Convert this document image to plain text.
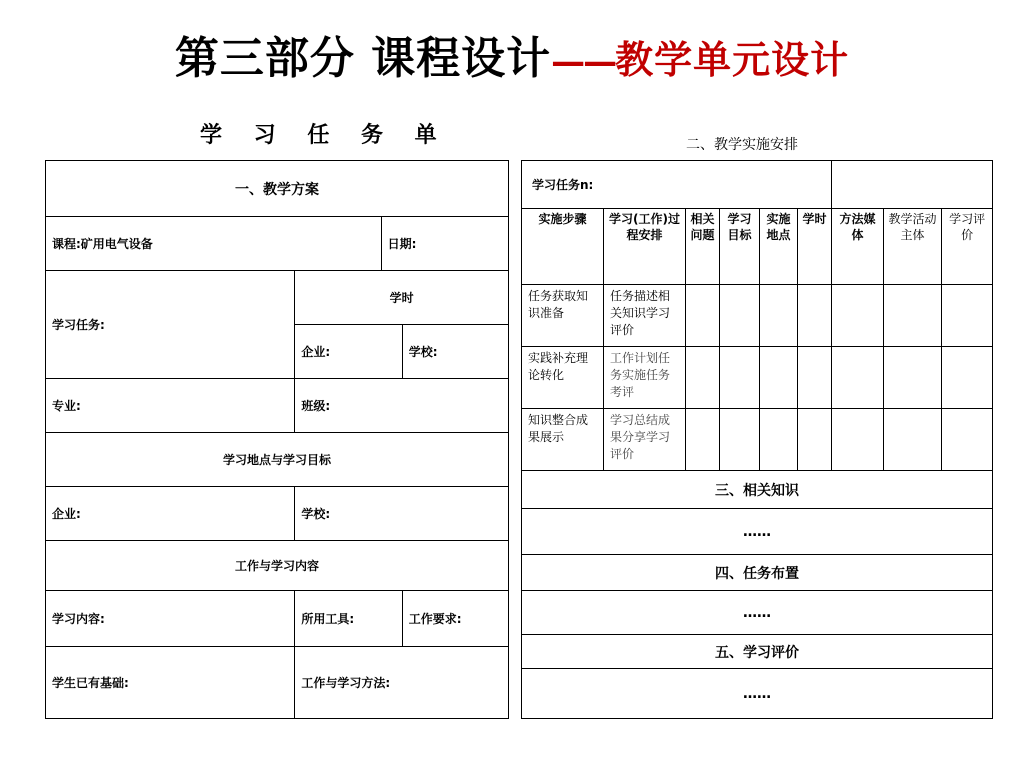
第三部分 课程设计——教学单元设计
学 习 任 务 单	二、教学实施安排
一、教学方案			
课程:矿用电气设备		日期:	
学习任务:	学时		
	企业:		学校:
专业:	班级:		
学习地点与学习目标			
企业:	学校:		
工作与学习内容			
学习内容:	所用工具:		工作要求:
学生已有基础:	工作与学习方法:		
学习任务n:								
实施步骤	学习(工作)过程安排	相关问题	学习目标	实施地点	学时	方法媒体	教学活动主体	学习评价
任务获取知识准备	任务描述相关知识学习评价							
实践补充理论转化	工作计划任务实施任务考评							
知识整合成果展示	学习总结成果分享学习评价							
三、相关知识								
……								
四、任务布置								
……								
五、学习评价								
……								
